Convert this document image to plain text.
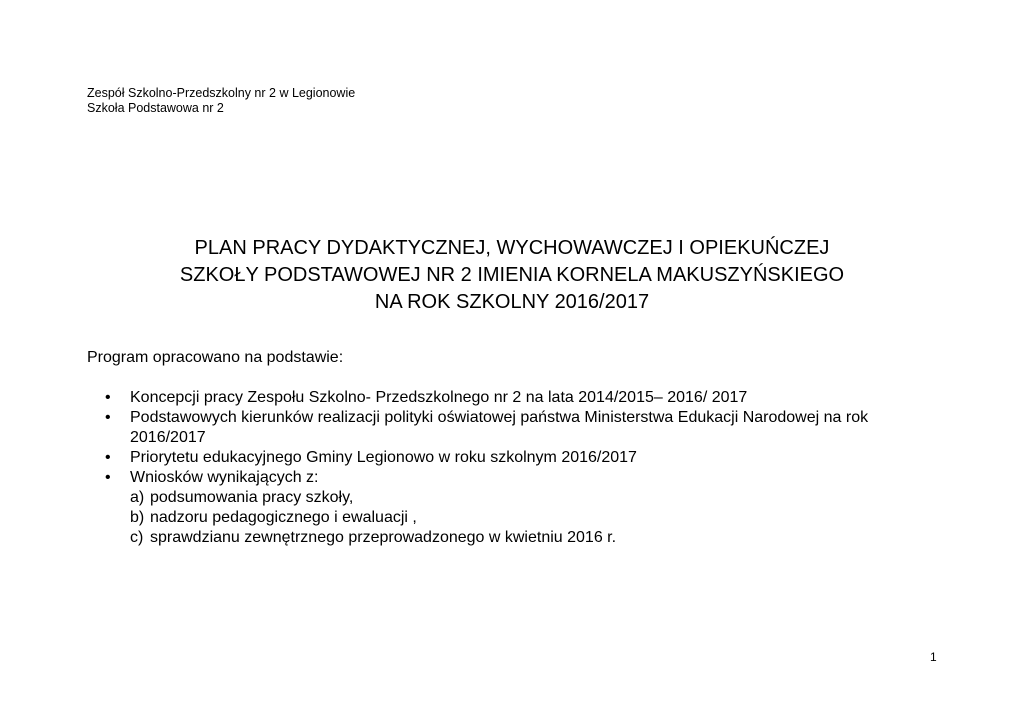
Zespół Szkolno-Przedszkolny nr 2 w Legionowie
Szkoła Podstawowa nr 2
PLAN PRACY DYDAKTYCZNEJ, WYCHOWAWCZEJ I OPIEKUŃCZEJ
SZKOŁY PODSTAWOWEJ NR 2 IMIENIA KORNELA MAKUSZYŃSKIEGO
NA ROK SZKOLNY 2016/2017
Program opracowano na podstawie:
•	Koncepcji pracy Zespołu Szkolno- Przedszkolnego nr 2 na lata 2014/2015– 2016/ 2017
•	Podstawowych kierunków realizacji polityki oświatowej państwa Ministerstwa Edukacji Narodowej na rok 2016/2017
•	Priorytetu edukacyjnego Gminy Legionowo w roku szkolnym 2016/2017
•	Wniosków wynikających z:
a) podsumowania pracy szkoły,
b) nadzoru pedagogicznego i ewaluacji ,
c) sprawdzianu zewnętrznego przeprowadzonego w kwietniu 2016 r.
1
